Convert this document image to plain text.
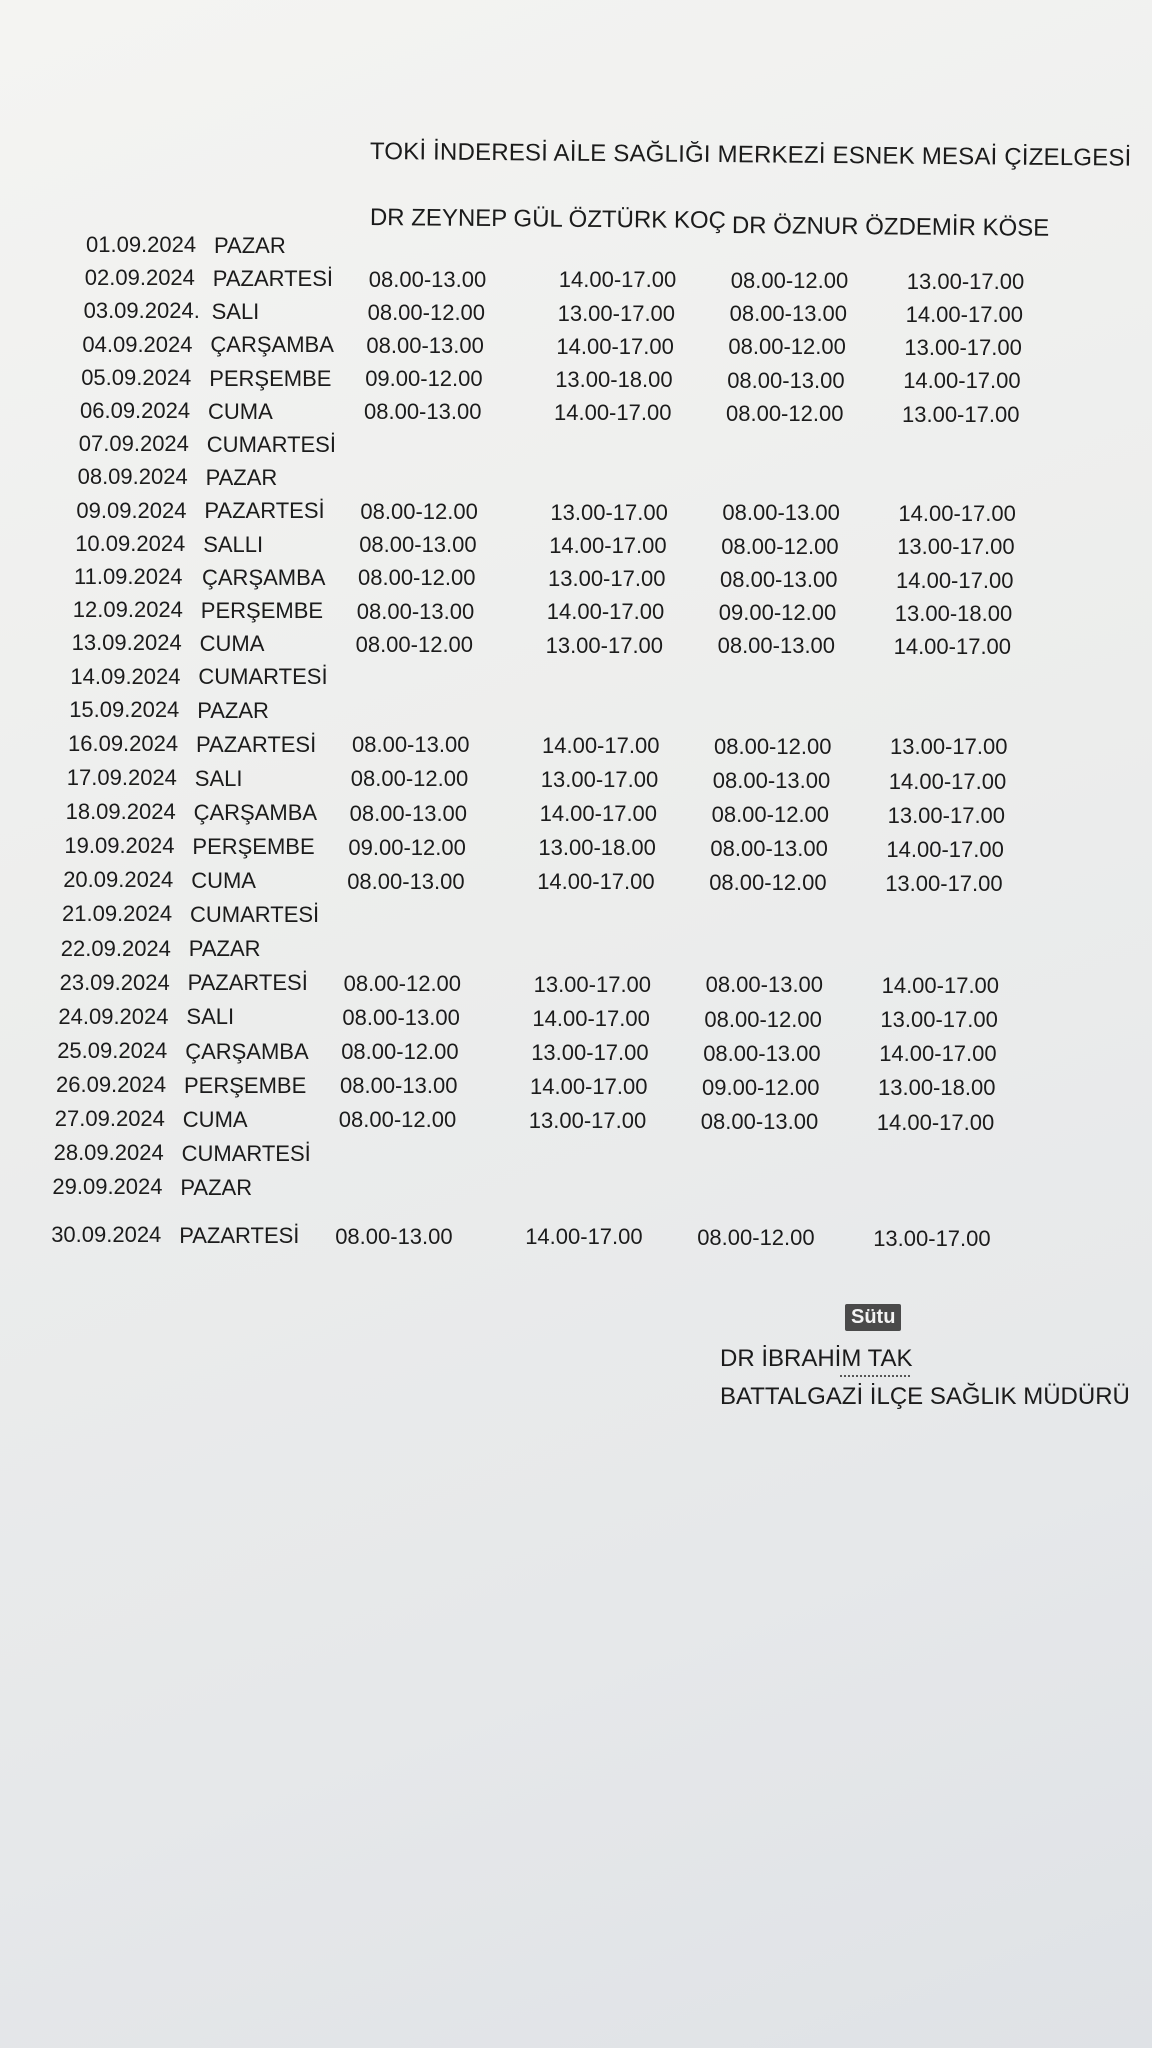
TOKİ İNDERESİ AİLE SAĞLIĞI MERKEZİ ESNEK MESAİ ÇİZELGESİ
DR ZEYNEP GÜL ÖZTÜRK KOÇ DR ÖZNUR ÖZDEMİR KÖSE
01.09.2024 PAZAR
02.09.2024 PAZARTESİ 08.00-13.00	14.00-17.00 08.00-12.00	13.00-17.00
03.09.2024. SALI	08.00-12.00	13.00-17.00 08.00-13.00	14.00-17.00
04.09.2024 ÇARŞAMBA 08.00-13.00	14.00-17.00 08.00-12.00	13.00-17.00
05.09.2024 PERŞEMBE 09.00-12.00	13.00-18.00 08.00-13.00	14.00-17.00
06.09.2024 CUMA	08.00-13.00	14.00-17.00 08.00-12.00	13.00-17.00
07.09.2024 CUMARTESİ
08.09.2024 PAZAR
09.09.2024 PAZARTESİ 08.00-12.00	13.00-17.00 08.00-13.00	14.00-17.00
10.09.2024 SALLI	08.00-13.00	14.00-17.00 08.00-12.00	13.00-17.00
11.09.2024 ÇARŞAMBA 08.00-12.00	13.00-17.00 08.00-13.00	14.00-17.00
12.09.2024 PERŞEMBE 08.00-13.00	14.00-17.00 09.00-12.00	13.00-18.00
13.09.2024 CUMA	08.00-12.00	13.00-17.00 08.00-13.00	14.00-17.00
14.09.2024 CUMARTESİ
15.09.2024 PAZAR
16.09.2024 PAZARTESİ 08.00-13.00	14.00-17.00 08.00-12.00	13.00-17.00
17.09.2024 SALI	08.00-12.00	13.00-17.00 08.00-13.00	14.00-17.00
18.09.2024 ÇARŞAMBA 08.00-13.00	14.00-17.00 08.00-12.00	13.00-17.00
19.09.2024 PERŞEMBE 09.00-12.00	13.00-18.00 08.00-13.00	14.00-17.00
20.09.2024 CUMA	08.00-13.00	14.00-17.00 08.00-12.00	13.00-17.00
21.09.2024 CUMARTESİ
22.09.2024 PAZAR
23.09.2024 PAZARTESİ 08.00-12.00	13.00-17.00 08.00-13.00	14.00-17.00
24.09.2024 SALI	08.00-13.00	14.00-17.00 08.00-12.00	13.00-17.00
25.09.2024 ÇARŞAMBA 08.00-12.00	13.00-17.00 08.00-13.00	14.00-17.00
26.09.2024 PERŞEMBE 08.00-13.00	14.00-17.00 09.00-12.00	13.00-18.00
27.09.2024 CUMA	08.00-12.00	13.00-17.00 08.00-13.00	14.00-17.00
28.09.2024 CUMARTESİ
29.09.2024 PAZAR
30.09.2024 PAZARTESİ 08.00-13.00	14.00-17.00 08.00-12.00	13.00-17.00
Sütu
DR İBRAHİM TAK
BATTALGAZİ İLÇE SAĞLIK MÜDÜRÜ
